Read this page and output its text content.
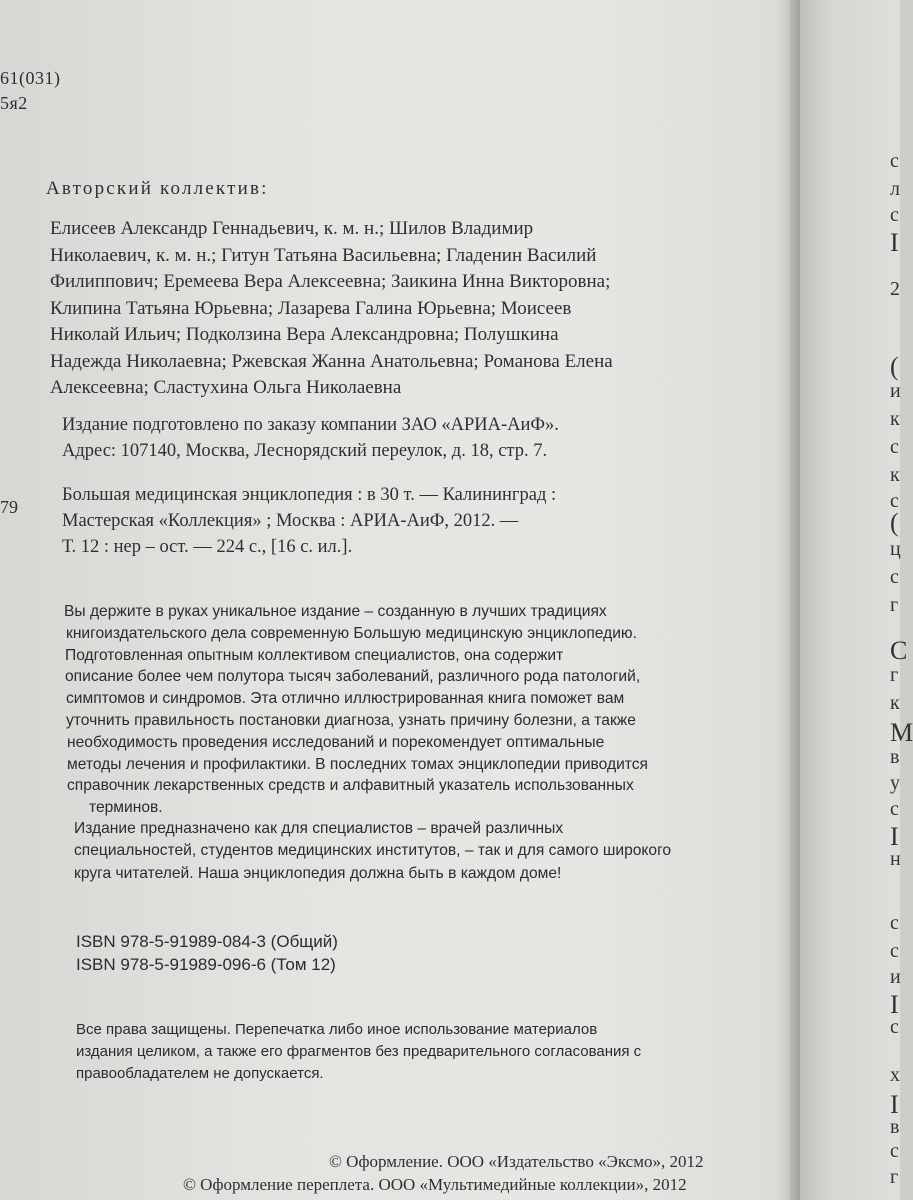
61(031)
5я2
Авторский коллектив:
Елисеев Александр Геннадьевич, к. м. н.; Шилов Владимир
Николаевич, к. м. н.; Гитун Татьяна Васильевна; Гладенин Василий
Филиппович; Еремеева Вера Алексеевна; Заикина Инна Викторовна;
Клипина Татьяна Юрьевна; Лазарева Галина Юрьевна; Моисеев
Николай Ильич; Подколзина Вера Александровна; Полушкина
Надежда Николаевна; Ржевская Жанна Анатольевна; Романова Елена
Алексеевна; Сластухина Ольга Николаевна
Издание подготовлено по заказу компании ЗАО «АРИА-АиФ».
Адрес: 107140, Москва, Леснорядский переулок, д. 18, стр. 7.
79
Большая медицинская энциклопедия : в 30 т. — Калининград :
Мастерская «Коллекция» ; Москва : АРИА-АиФ, 2012. —
Т. 12 : нер – ост. — 224 с., [16 с. ил.].
Вы держите в руках уникальное издание – созданную в лучших традициях
книгоиздательского дела современную Большую медицинскую энциклопедию.
Подготовленная опытным коллективом специалистов, она содержит
описание более чем полутора тысяч заболеваний, различного рода патологий,
симптомов и синдромов. Эта отлично иллюстрированная книга поможет вам
уточнить правильность постановки диагноза, узнать причину болезни, а также
необходимость проведения исследований и порекомендует оптимальные
методы лечения и профилактики. В последних томах энциклопедии приводится
справочник лекарственных средств и алфавитный указатель использованных
терминов.
Издание предназначено как для специалистов – врачей различных
специальностей, студентов медицинских институтов, – так и для самого широкого
круга читателей. Наша энциклопедия должна быть в каждом доме!
ISBN 978-5-91989-084-3 (Общий)
ISBN 978-5-91989-096-6 (Том 12)
Все права защищены. Перепечатка либо иное использование материалов
издания целиком, а также его фрагментов без предварительного согласования с
правообладателем не допускается.
© Оформление. ООО «Издательство «Эксмо», 2012
© Оформление переплета. ООО «Мультимедийные коллекции», 2012
с
л
с
I
2
(
и
к
с
к
с
(
ц
с
г
С
г
к
М
в
у
с
I
н
с
с
и
I
с
х
I
в
с
г
